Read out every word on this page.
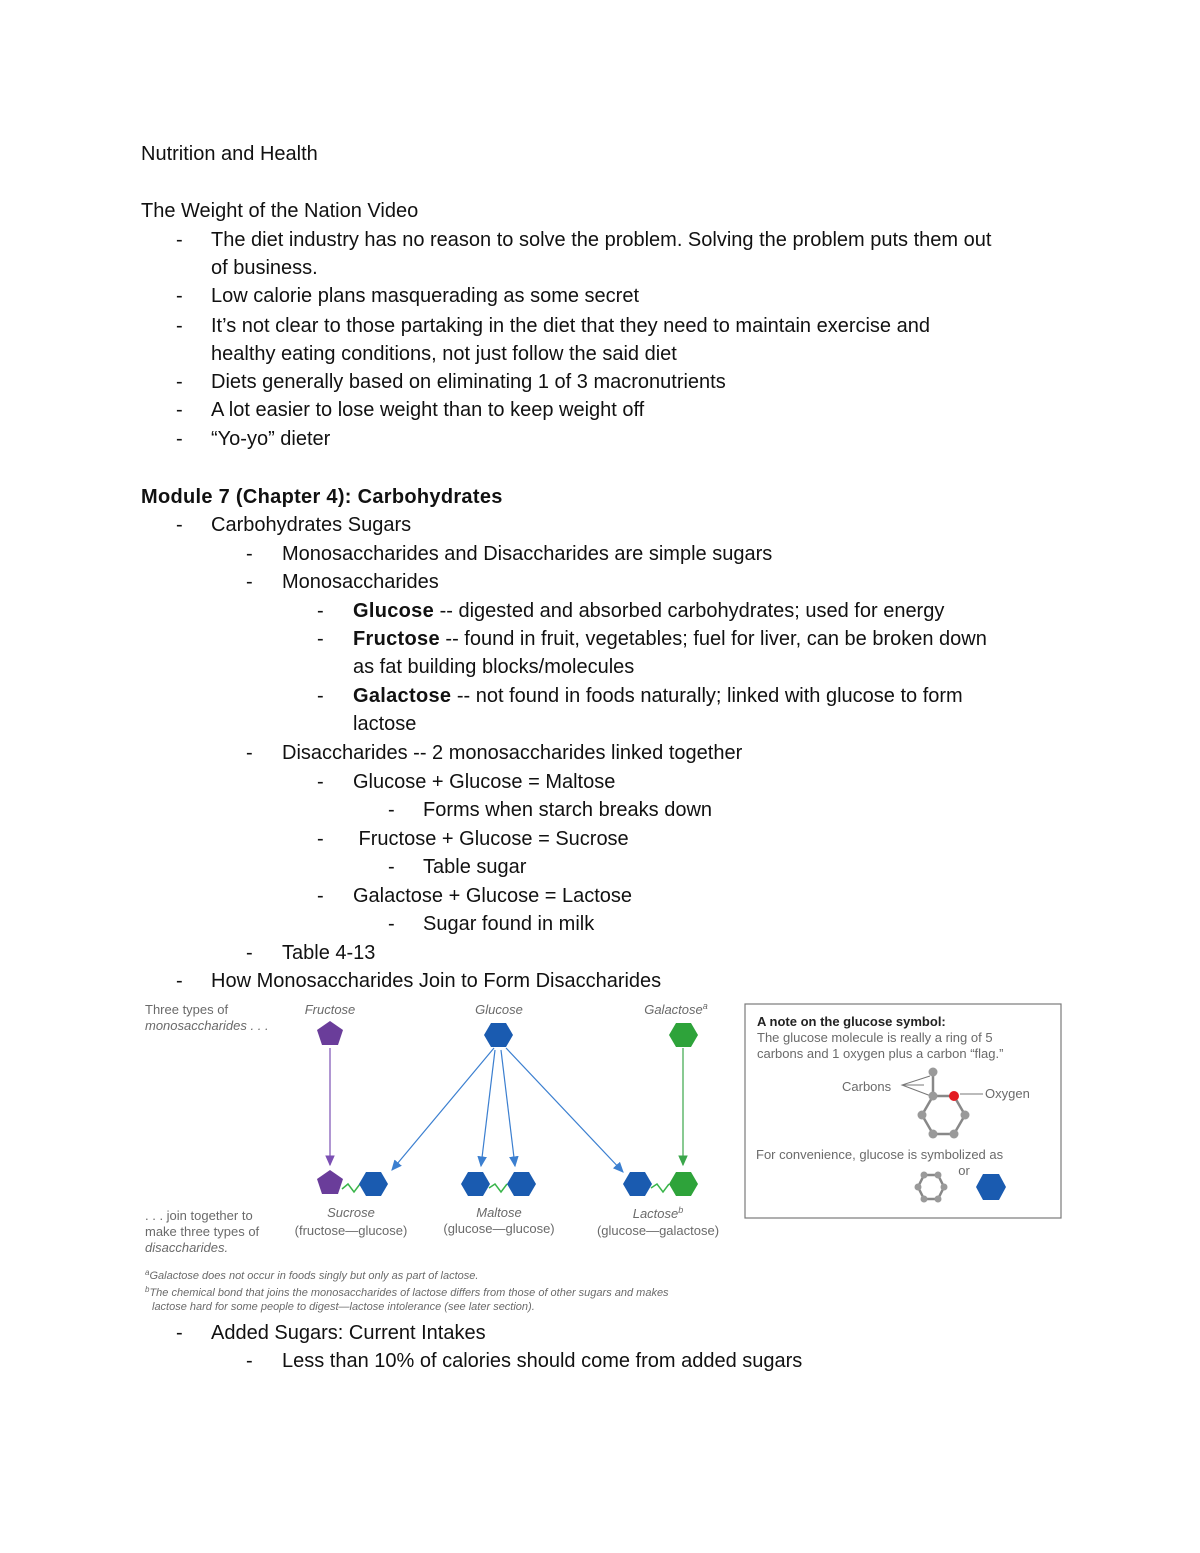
Nutrition and Health
The Weight of the Nation Video
- The diet industry has no reason to solve the problem. Solving the problem puts them out
of business.
- Low calorie plans masquerading as some secret
- It’s not clear to those partaking in the diet that they need to maintain exercise and
healthy eating conditions, not just follow the said diet
- Diets generally based on eliminating 1 of 3 macronutrients
- A lot easier to lose weight than to keep weight off
- “Yo-yo” dieter
Module 7 (Chapter 4): Carbohydrates
- Carbohydrates Sugars
- Monosaccharides and Disaccharides are simple sugars
- Monosaccharides
- Glucose -- digested and absorbed carbohydrates; used for energy
- Fructose -- found in fruit, vegetables; fuel for liver, can be broken down
as fat building blocks/molecules
- Galactose -- not found in foods naturally; linked with glucose to form
lactose
- Disaccharides -- 2 monosaccharides linked together
- Glucose + Glucose = Maltose
- Forms when starch breaks down
- Fructose + Glucose = Sucrose
- Table sugar
- Galactose + Glucose = Lactose
- Sugar found in milk
- Table 4-13
- How Monosaccharides Join to Form Disaccharides
Three types of
monosaccharides . . .
Fructose	Glucose	Galactose$^a$
. . . join together to
make three types of
disaccharides.
Sucrose
(fructose—glucose)
Maltose
(glucose—glucose)
Lactose$^b$
(glucose—galactose)
$^a$Galactose does not occur in foods singly but only as part of lactose.
$^b$The chemical bond that joins the monosaccharides of lactose differs from those of other sugars and makes
lactose hard for some people to digest—lactose intolerance (see later section).
A note on the glucose symbol:
The glucose molecule is really a ring of 5
carbons and 1 oxygen plus a carbon “flag.”
Carbons	Oxygen
For convenience, glucose is symbolized as
or
- Added Sugars: Current Intakes
- Less than 10% of calories should come from added sugars
